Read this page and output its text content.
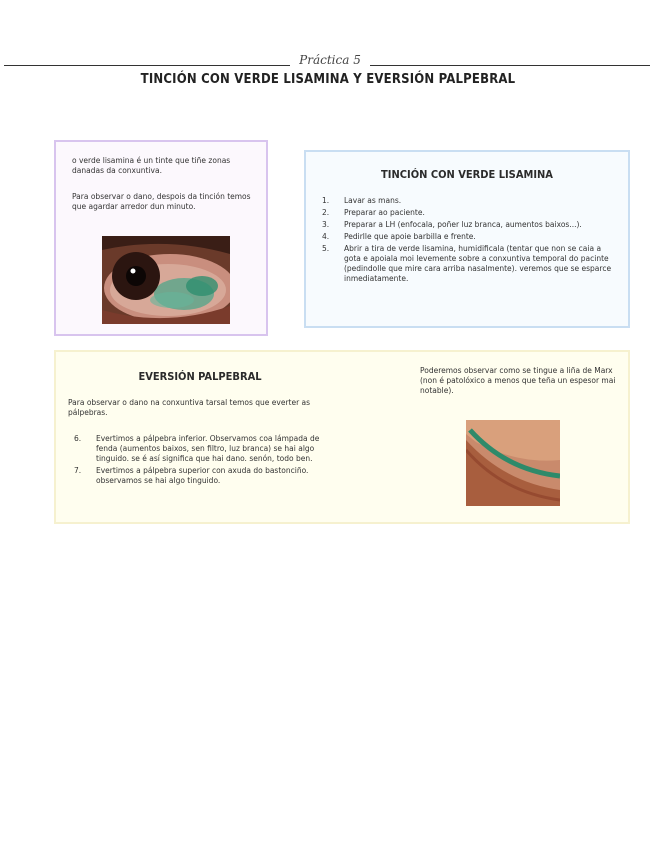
Práctica 5
TINCIÓN CON VERDE LISAMINA Y EVERSIÓN PALPEBRAL
o verde lisamina é un tinte que tiñe zonas danadas da conxuntiva.
Para observar o dano, despois da tinción temos que agardar arredor dun minuto.
TINCIÓN CON VERDE LISAMINA
1. Lavar as mans.
2. Preparar ao paciente.
3. Preparar a LH (enfocala, poñer luz branca, aumentos baixos...).
4. Pedirlle que apoie barbilla e frente.
5. Abrir a tira de verde lisamina, humidificala (tentar que non se caia a gota e apoiala moi levemente sobre a conxuntiva temporal do pacinte (pedindolle que mire cara arriba nasalmente). veremos que se esparce inmediatamente.
EVERSIÓN PALPEBRAL
Para observar o dano na conxuntiva tarsal temos que everter as pálpebras.
6. Evertimos a pálpebra inferior. Observamos coa lámpada de fenda (aumentos baixos, sen filtro, luz branca) se hai algo tinguido. se é así significa que hai dano. senón, todo ben.
7. Evertimos a pálpebra superior con axuda do bastonciño. observamos se hai algo tinguido.
Poderemos observar como se tingue a liña de Marx (non é patolóxico a menos que teña un espesor mai notable).
